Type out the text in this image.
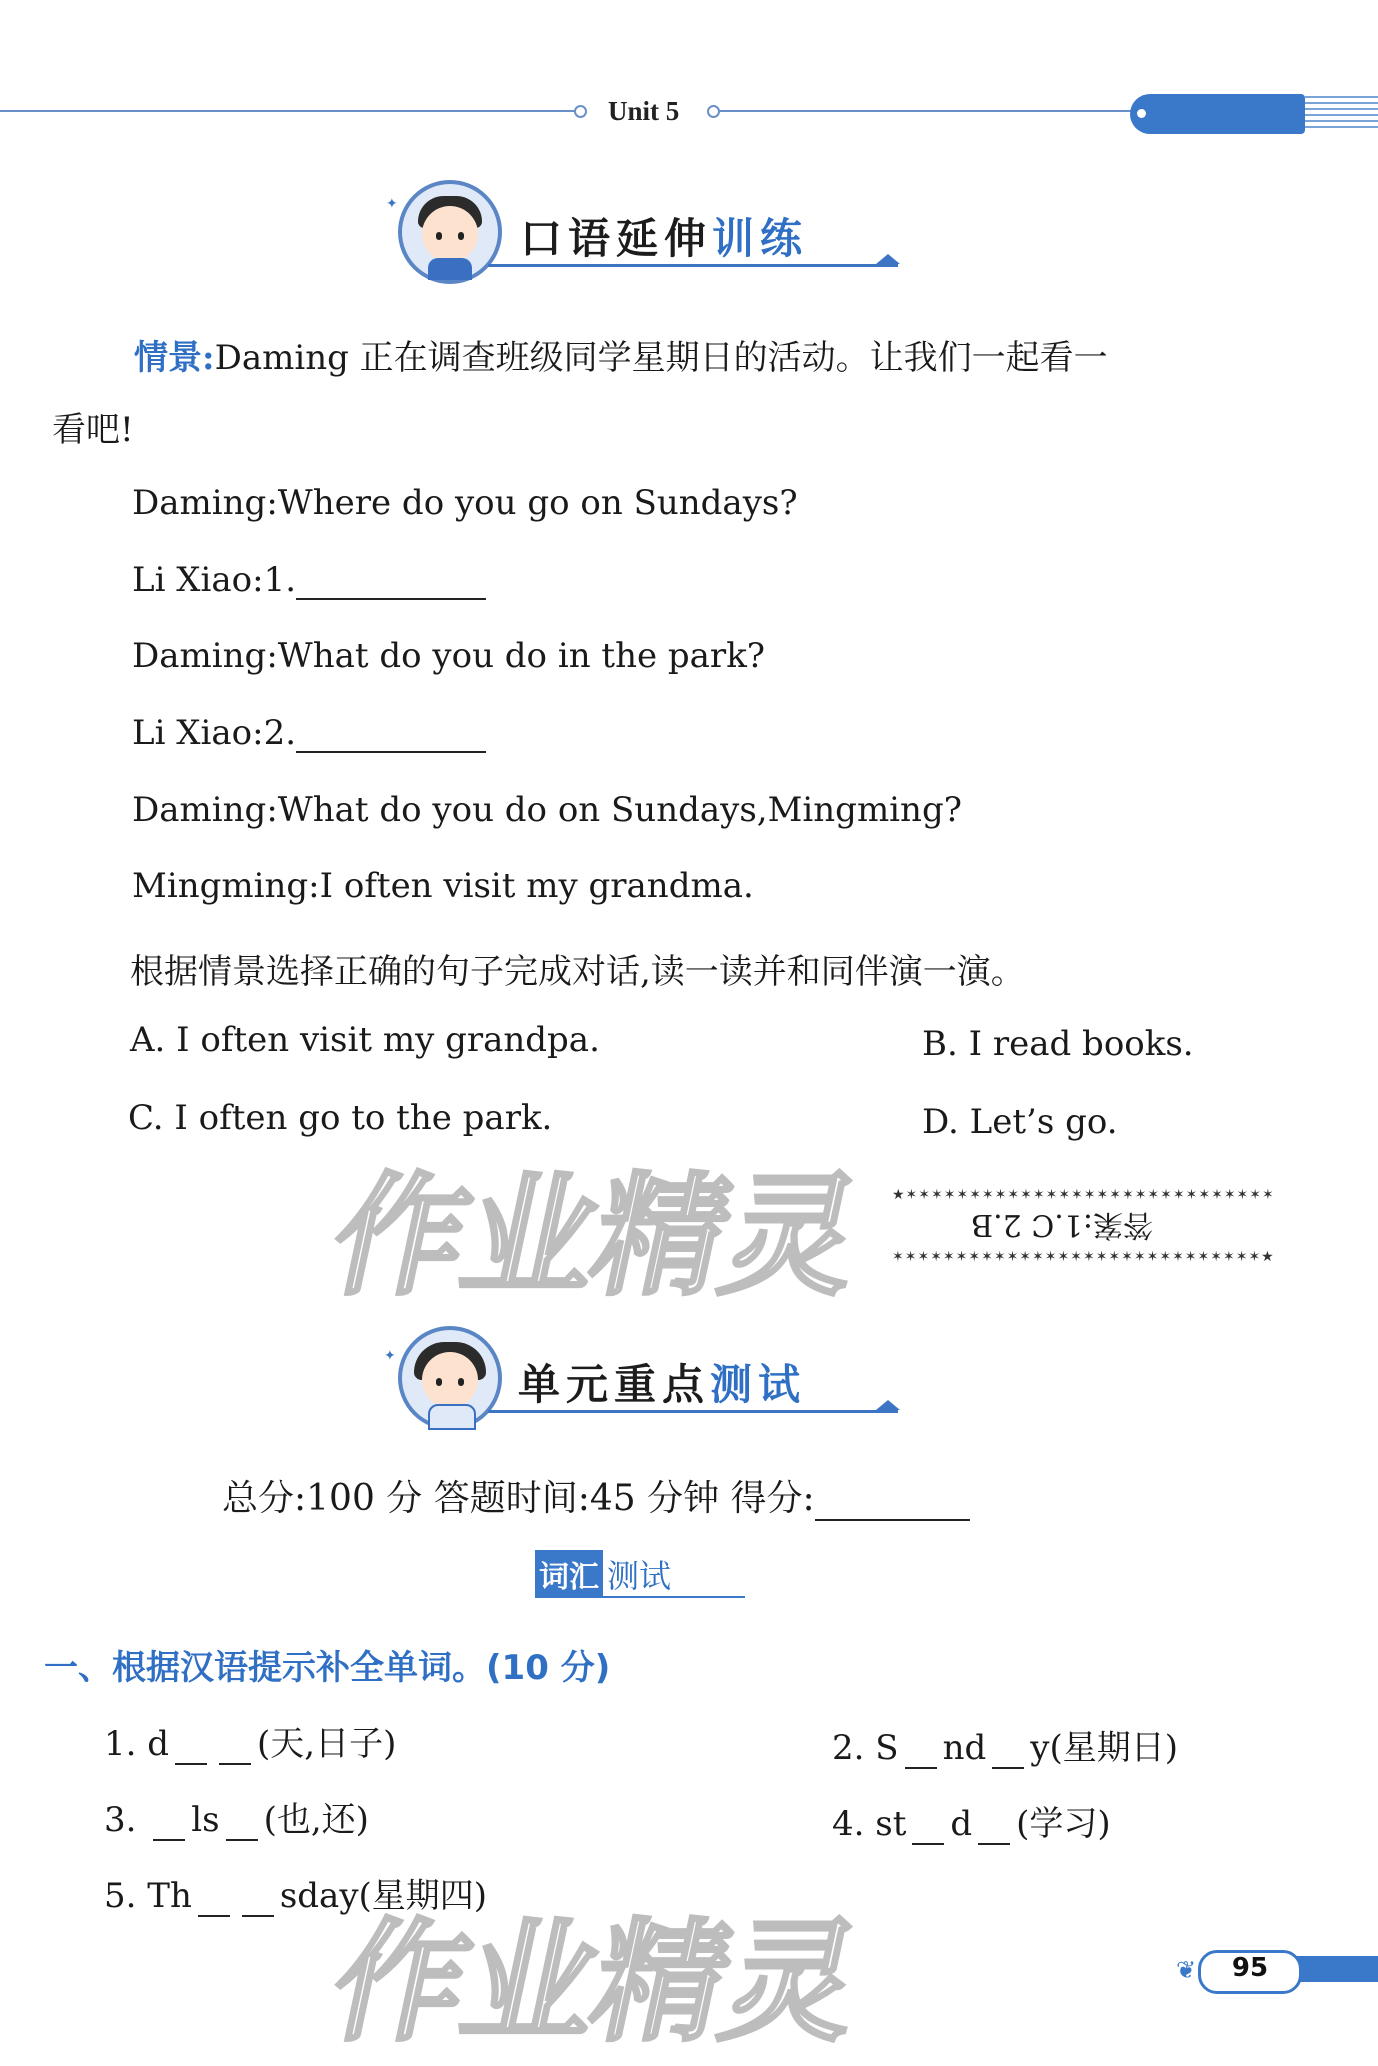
Unit 5
✦
口语延伸训练
情景:Daming 正在调查班级同学星期日的活动。让我们一起看一
看吧!
Daming:Where do you go on Sundays?
Li Xiao:1.
Daming:What do you do in the park?
Li Xiao:2.
Daming:What do you do on Sundays,Mingming?
Mingming:I often visit my grandma.
根据情景选择正确的句子完成对话,读一读并和同伴演一演。
A. I often visit my grandpa.	B. I read books.
C. I often go to the park.	D. Let’s go.
作业精灵	★✶✶✶✶✶✶✶✶✶✶✶✶✶✶✶✶✶✶✶✶✶✶✶✶✶✶✶✶✶
答案:1.C 2.B
✶✶✶✶✶✶✶✶✶✶✶✶✶✶✶✶✶✶✶✶✶✶✶✶✶✶✶✶✶★
✦
单元重点测试
总分:100 分 答题时间:45 分钟 得分:
词汇 测试
一、根据汉语提示补全单词。(10 分)
1. d	(天,日子)	2. S nd y(星期日)
3. ls (也,还)	4. st d (学习)
5. Th	sday(星期四)
作业精灵	❦	95
